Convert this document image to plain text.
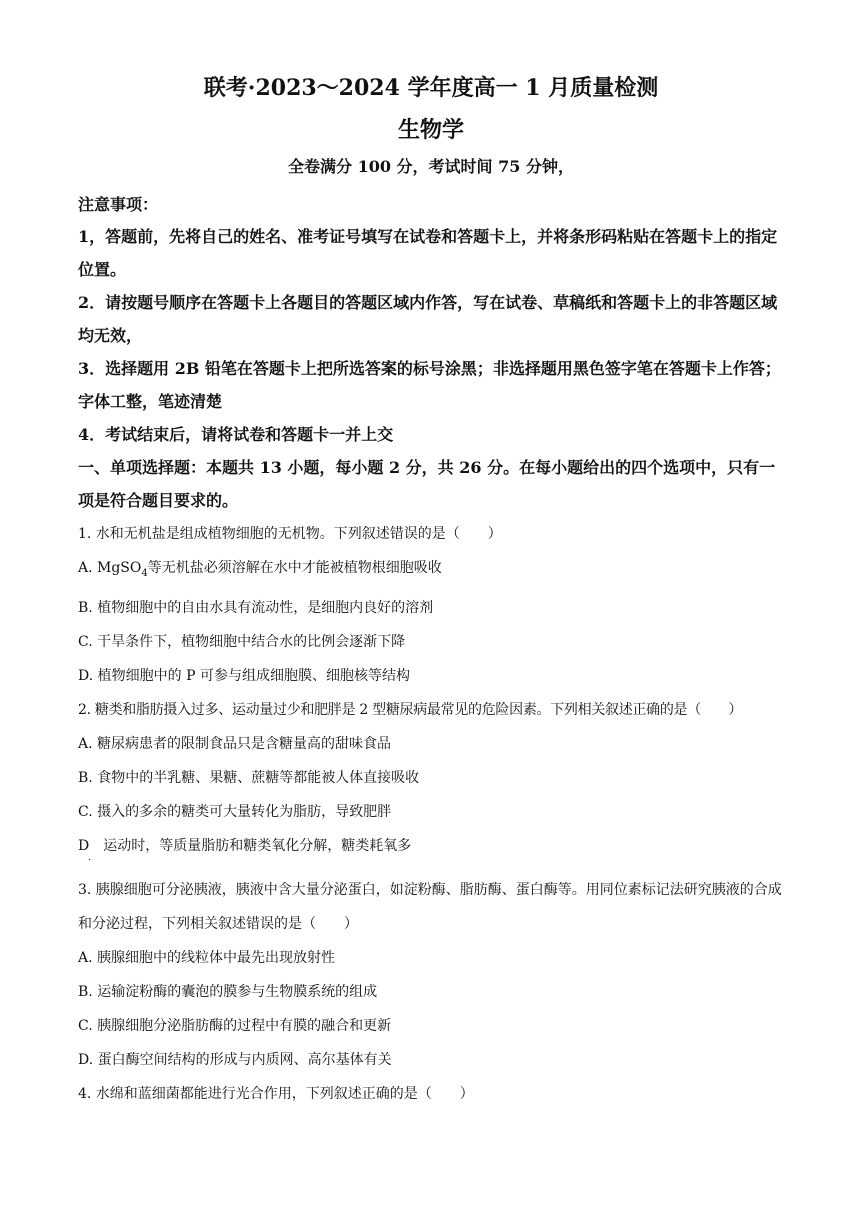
联考·2023～2024 学年度高一 1 月质量检测
生物学
全卷满分 100 分，考试时间 75 分钟，
注意事项：
1，答题前，先将自己的姓名、准考证号填写在试卷和答题卡上，并将条形码粘贴在答题卡上的指定位置。
2．请按题号顺序在答题卡上各题目的答题区域内作答，写在试卷、草稿纸和答题卡上的非答题区域均无效，
3．选择题用 2B 铅笔在答题卡上把所选答案的标号涂黑；非选择题用黑色签字笔在答题卡上作答；字体工整，笔迹清楚
4．考试结束后，请将试卷和答题卡一并上交
一、单项选择题：本题共 13 小题，每小题 2 分，共 26 分。在每小题给出的四个选项中，只有一项是符合题目要求的。
1. 水和无机盐是组成植物细胞的无机物。下列叙述错误的是（　　）
A. MgSO$_4$等无机盐必须溶解在水中才能被植物根细胞吸收
B. 植物细胞中的自由水具有流动性，是细胞内良好的溶剂
C. 干旱条件下，植物细胞中结合水的比例会逐渐下降
D. 植物细胞中的 P 可参与组成细胞膜、细胞核等结构
2. 糖类和脂肪摄入过多、运动量过少和肥胖是 2 型糖尿病最常见的危险因素。下列相关叙述正确的是（　　）
A. 糖尿病患者的限制食品只是含糖量高的甜味食品
B. 食物中的半乳糖、果糖、蔗糖等都能被人体直接吸收
C. 摄入的多余的糖类可大量转化为脂肪，导致肥胖
D　运动时，等质量脂肪和糖类氧化分解，糖类耗氧多
．
3. 胰腺细胞可分泌胰液，胰液中含大量分泌蛋白，如淀粉酶、脂肪酶、蛋白酶等。用同位素标记法研究胰液的合成和分泌过程，下列相关叙述错误的是（　　）
A. 胰腺细胞中的线粒体中最先出现放射性
B. 运输淀粉酶的囊泡的膜参与生物膜系统的组成
C. 胰腺细胞分泌脂肪酶的过程中有膜的融合和更新
D. 蛋白酶空间结构的形成与内质网、高尔基体有关
4. 水绵和蓝细菌都能进行光合作用，下列叙述正确的是（　　）
